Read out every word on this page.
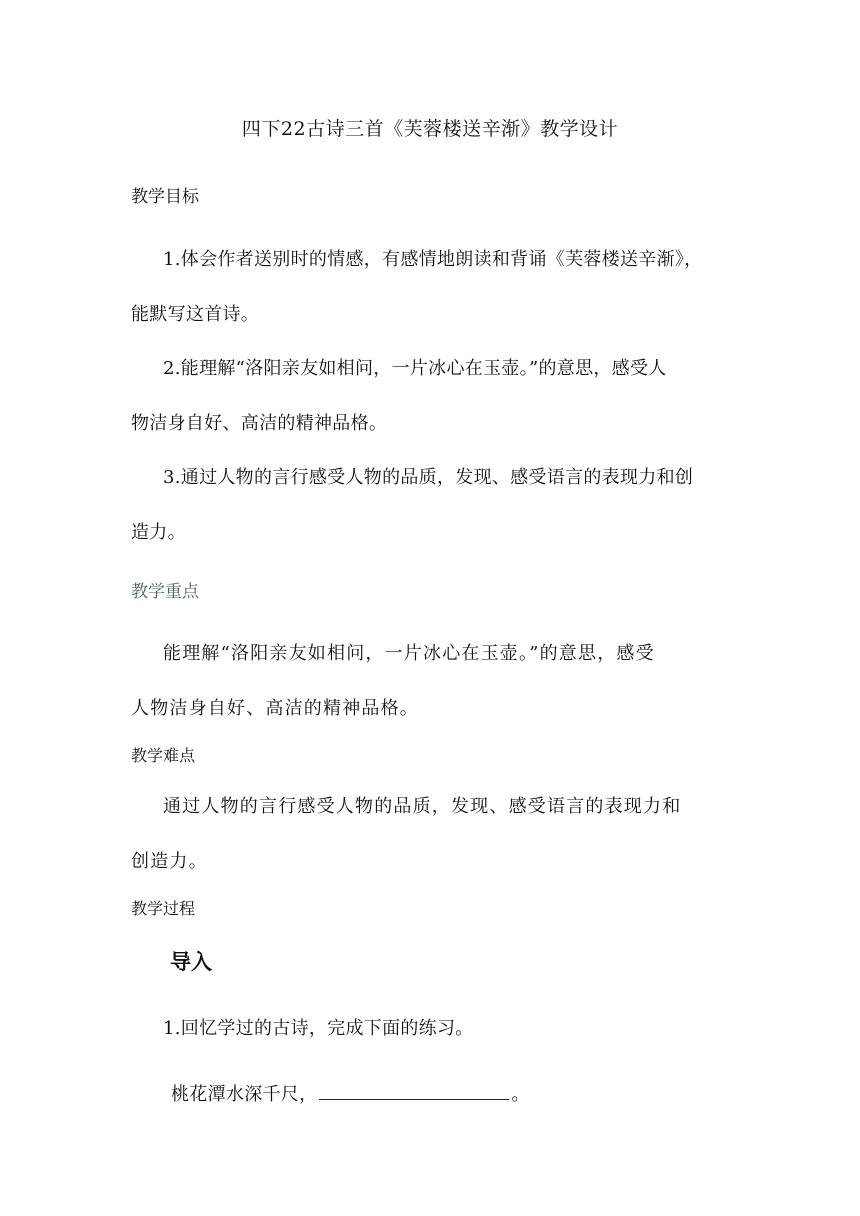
四下22古诗三首《芙蓉楼送辛渐》教学设计
教学目标
1.体会作者送别时的情感，有感情地朗读和背诵《芙蓉楼送辛渐》，
能默写这首诗。
2.能理解“洛阳亲友如相问，一片冰心在玉壶。”的意思，感受人
物洁身自好、高洁的精神品格。
3.通过人物的言行感受人物的品质，发现、感受语言的表现力和创
造力。
教学重点
能理解“洛阳亲友如相问，一片冰心在玉壶。”的意思，感受
人物洁身自好、高洁的精神品格。
教学难点
通过人物的言行感受人物的品质，发现、感受语言的表现力和
创造力。
教学过程
导入
1.回忆学过的古诗，完成下面的练习。
桃花潭水深千尺，	。
